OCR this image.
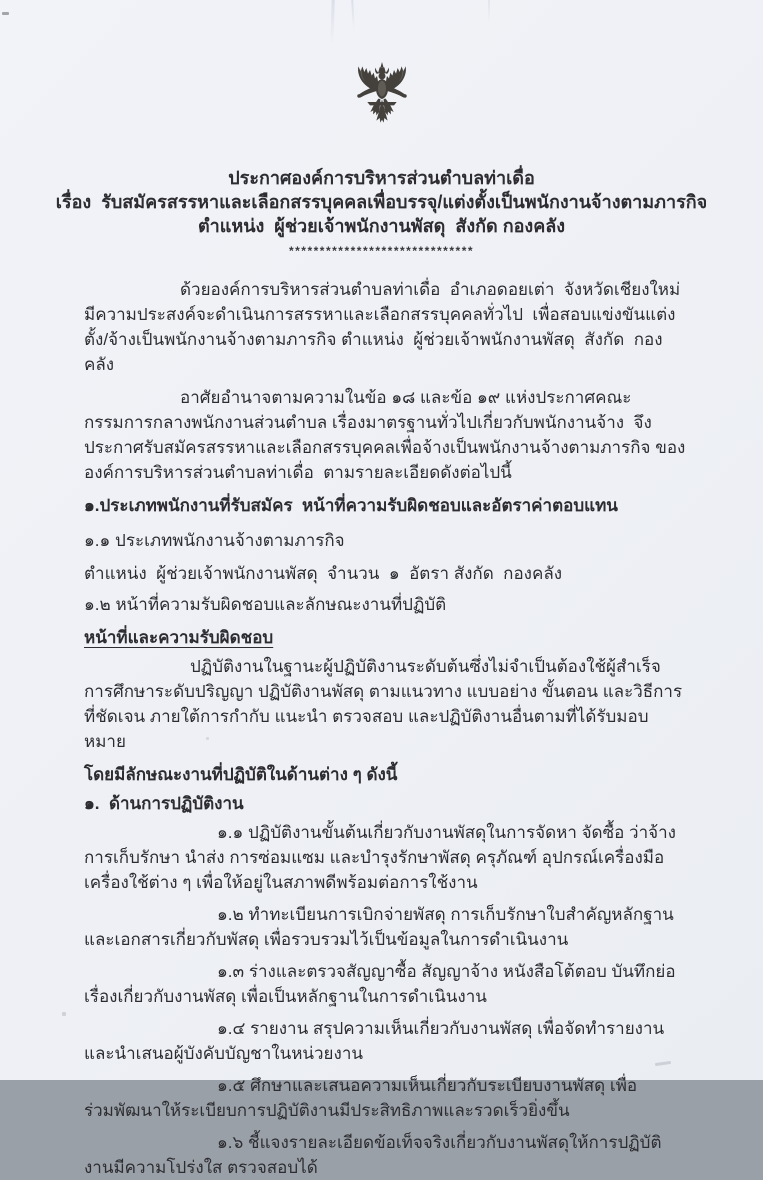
ประกาศองค์การบริหารส่วนตำบลท่าเดื่อ
เรื่อง  รับสมัครสรรหาและเลือกสรรบุคคลเพื่อบรรจุ/แต่งตั้งเป็นพนักงานจ้างตามภารกิจ
ตำแหน่ง  ผู้ช่วยเจ้าพนักงานพัสดุ  สังกัด กองคลัง
******************************

ด้วยองค์การบริหารส่วนตำบลท่าเดื่อ  อำเภอดอยเต่า  จังหวัดเชียงใหม่  มีความประสงค์จะดำเนินการสรรหาและเลือกสรรบุคคลทั่วไป  เพื่อสอบแข่งขันแต่งตั้ง/จ้างเป็นพนักงานจ้างตามภารกิจ ตำแหน่ง  ผู้ช่วยเจ้าพนักงานพัสดุ  สังกัด  กองคลัง

อาศัยอำนาจตามความในข้อ ๑๘ และข้อ ๑๙ แห่งประกาศคณะกรรมการกลางพนักงานส่วนตำบล เรื่องมาตรฐานทั่วไปเกี่ยวกับพนักงานจ้าง  จึงประกาศรับสมัครสรรหาและเลือกสรรบุคคลเพื่อจ้างเป็นพนักงานจ้างตามภารกิจ ขององค์การบริหารส่วนตำบลท่าเดื่อ  ตามรายละเอียดดังต่อไปนี้

๑.ประเภทพนักงานที่รับสมัคร  หน้าที่ความรับผิดชอบและอัตราค่าตอบแทน

๑.๑ ประเภทพนักงานจ้างตามภารกิจ

ตำแหน่ง  ผู้ช่วยเจ้าพนักงานพัสดุ  จำนวน  ๑  อัตรา สังกัด  กองคลัง

๑.๒ หน้าที่ความรับผิดชอบและลักษณะงานที่ปฏิบัติ

หน้าที่และความรับผิดชอบ

ปฏิบัติงานในฐานะผู้ปฏิบัติงานระดับต้นซึ่งไม่จำเป็นต้องใช้ผู้สำเร็จการศึกษาระดับปริญญา ปฏิบัติงานพัสดุ ตามแนวทาง แบบอย่าง ขั้นตอน และวิธีการที่ชัดเจน ภายใต้การกำกับ แนะนำ ตรวจสอบ และปฏิบัติงานอื่นตามที่ได้รับมอบหมาย

โดยมีลักษณะงานที่ปฏิบัติในด้านต่าง ๆ ดังนี้

๑.  ด้านการปฏิบัติงาน

๑.๑ ปฏิบัติงานขั้นต้นเกี่ยวกับงานพัสดุในการจัดหา จัดซื้อ ว่าจ้าง การเก็บรักษา นำส่ง การซ่อมแซม และบำรุงรักษาพัสดุ ครุภัณฑ์ อุปกรณ์เครื่องมือเครื่องใช้ต่าง ๆ เพื่อให้อยู่ในสภาพดีพร้อมต่อการใช้งาน

๑.๒ ทำทะเบียนการเบิกจ่ายพัสดุ การเก็บรักษาใบสำคัญหลักฐานและเอกสารเกี่ยวกับพัสดุ เพื่อรวบรวมไว้เป็นข้อมูลในการดำเนินงาน

๑.๓ ร่างและตรวจสัญญาซื้อ สัญญาจ้าง หนังสือโต้ตอบ บันทึกย่อเรื่องเกี่ยวกับงานพัสดุ เพื่อเป็นหลักฐานในการดำเนินงาน

๑.๔ รายงาน สรุปความเห็นเกี่ยวกับงานพัสดุ เพื่อจัดทำรายงาน และนำเสนอผู้บังคับบัญชาในหน่วยงาน

๑.๕ ศึกษาและเสนอความเห็นเกี่ยวกับระเบียบงานพัสดุ เพื่อร่วมพัฒนาให้ระเบียบการปฏิบัติงานมีประสิทธิภาพและรวดเร็วยิ่งขึ้น

๑.๖ ชี้แจงรายละเอียดข้อเท็จจริงเกี่ยวกับงานพัสดุให้การปฏิบัติงานมีความโปร่งใส ตรวจสอบได้
